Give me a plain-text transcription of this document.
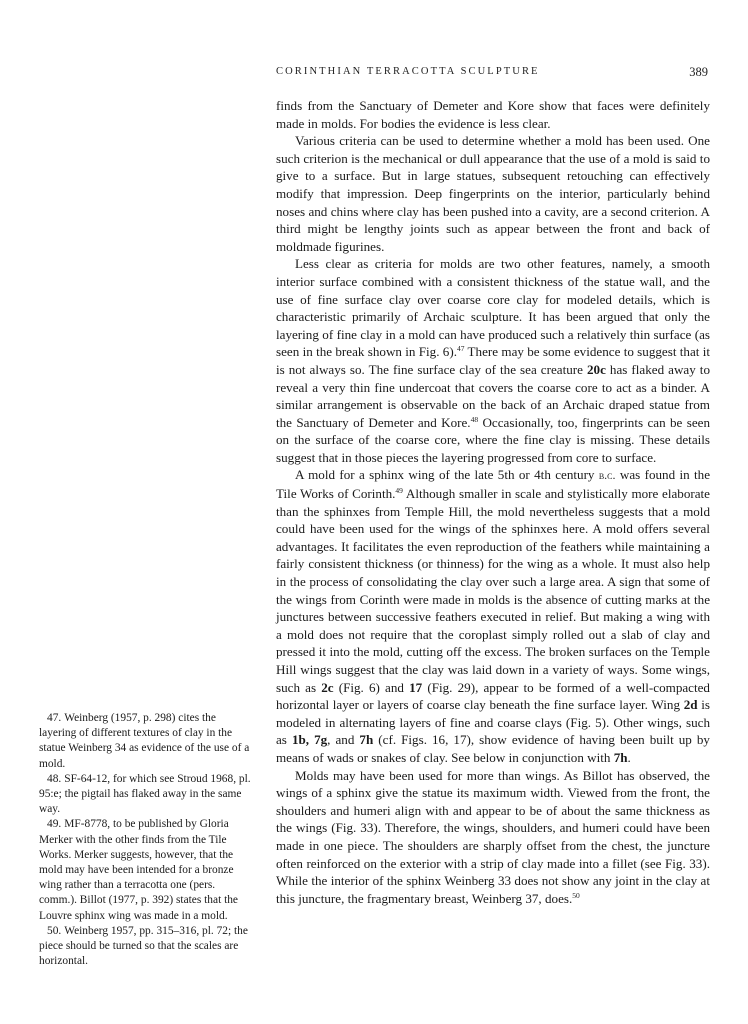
CORINTHIAN TERRACOTTA SCULPTURE	389

finds from the Sanctuary of Demeter and Kore show that faces were definitely made in molds. For bodies the evidence is less clear.

Various criteria can be used to determine whether a mold has been used. One such criterion is the mechanical or dull appearance that the use of a mold is said to give to a surface. But in large statues, subsequent retouching can effectively modify that impression. Deep fingerprints on the interior, particularly behind noses and chins where clay has been pushed into a cavity, are a second criterion. A third might be lengthy joints such as appear between the front and back of moldmade figurines.

Less clear as criteria for molds are two other features, namely, a smooth interior surface combined with a consistent thickness of the statue wall, and the use of fine surface clay over coarse core clay for modeled details, which is characteristic primarily of Archaic sculpture. It has been argued that only the layering of fine clay in a mold can have produced such a relatively thin surface (as seen in the break shown in Fig. 6).$^{47}$ There may be some evidence to suggest that it is not always so. The fine surface clay of the sea creature 20c has flaked away to reveal a very thin fine undercoat that covers the coarse core to act as a binder. A similar arrangement is observable on the back of an Archaic draped statue from the Sanctuary of Demeter and Kore.$^{48}$ Occasionally, too, fingerprints can be seen on the surface of the coarse core, where the fine clay is missing. These details suggest that in those pieces the layering progressed from core to surface.

A mold for a sphinx wing of the late 5th or 4th century b.c. was found in the Tile Works of Corinth.$^{49}$ Although smaller in scale and stylistically more elaborate than the sphinxes from Temple Hill, the mold nevertheless suggests that a mold could have been used for the wings of the sphinxes here. A mold offers several advantages. It facilitates the even reproduction of the feathers while maintaining a fairly consistent thickness (or thinness) for the wing as a whole. It must also help in the process of consolidating the clay over such a large area. A sign that some of the wings from Corinth were made in molds is the absence of cutting marks at the junctures between successive feathers executed in relief. But making a wing with a mold does not require that the coroplast simply rolled out a slab of clay and pressed it into the mold, cutting off the excess. The broken surfaces on the Temple Hill wings suggest that the clay was laid down in a variety of ways. Some wings, such as 2c (Fig. 6) and 17 (Fig. 29), appear to be formed of a well-compacted horizontal layer or layers of coarse clay beneath the fine surface layer. Wing 2d is modeled in alternating layers of fine and coarse clays (Fig. 5). Other wings, such as 1b, 7g, and 7h (cf. Figs. 16, 17), show evidence of having been built up by means of wads or snakes of clay. See below in conjunction with 7h.

Molds may have been used for more than wings. As Billot has observed, the wings of a sphinx give the statue its maximum width. Viewed from the front, the shoulders and humeri align with and appear to be of about the same thickness as the wings (Fig. 33). Therefore, the wings, shoulders, and humeri could have been made in one piece. The shoulders are sharply offset from the chest, the juncture often reinforced on the exterior with a strip of clay made into a fillet (see Fig. 33). While the interior of the sphinx Weinberg 33 does not show any joint in the clay at this juncture, the fragmentary breast, Weinberg 37, does.$^{50}$

47. Weinberg (1957, p. 298) cites the layering of different textures of clay in the statue Weinberg 34 as evidence of the use of a mold.

48. SF-64-12, for which see Stroud 1968, pl. 95:e; the pigtail has flaked away in the same way.

49. MF-8778, to be published by Gloria Merker with the other finds from the Tile Works. Merker suggests, however, that the mold may have been intended for a bronze wing rather than a terracotta one (pers. comm.). Billot (1977, p. 392) states that the Louvre sphinx wing was made in a mold.

50. Weinberg 1957, pp. 315–316, pl. 72; the piece should be turned so that the scales are horizontal.
